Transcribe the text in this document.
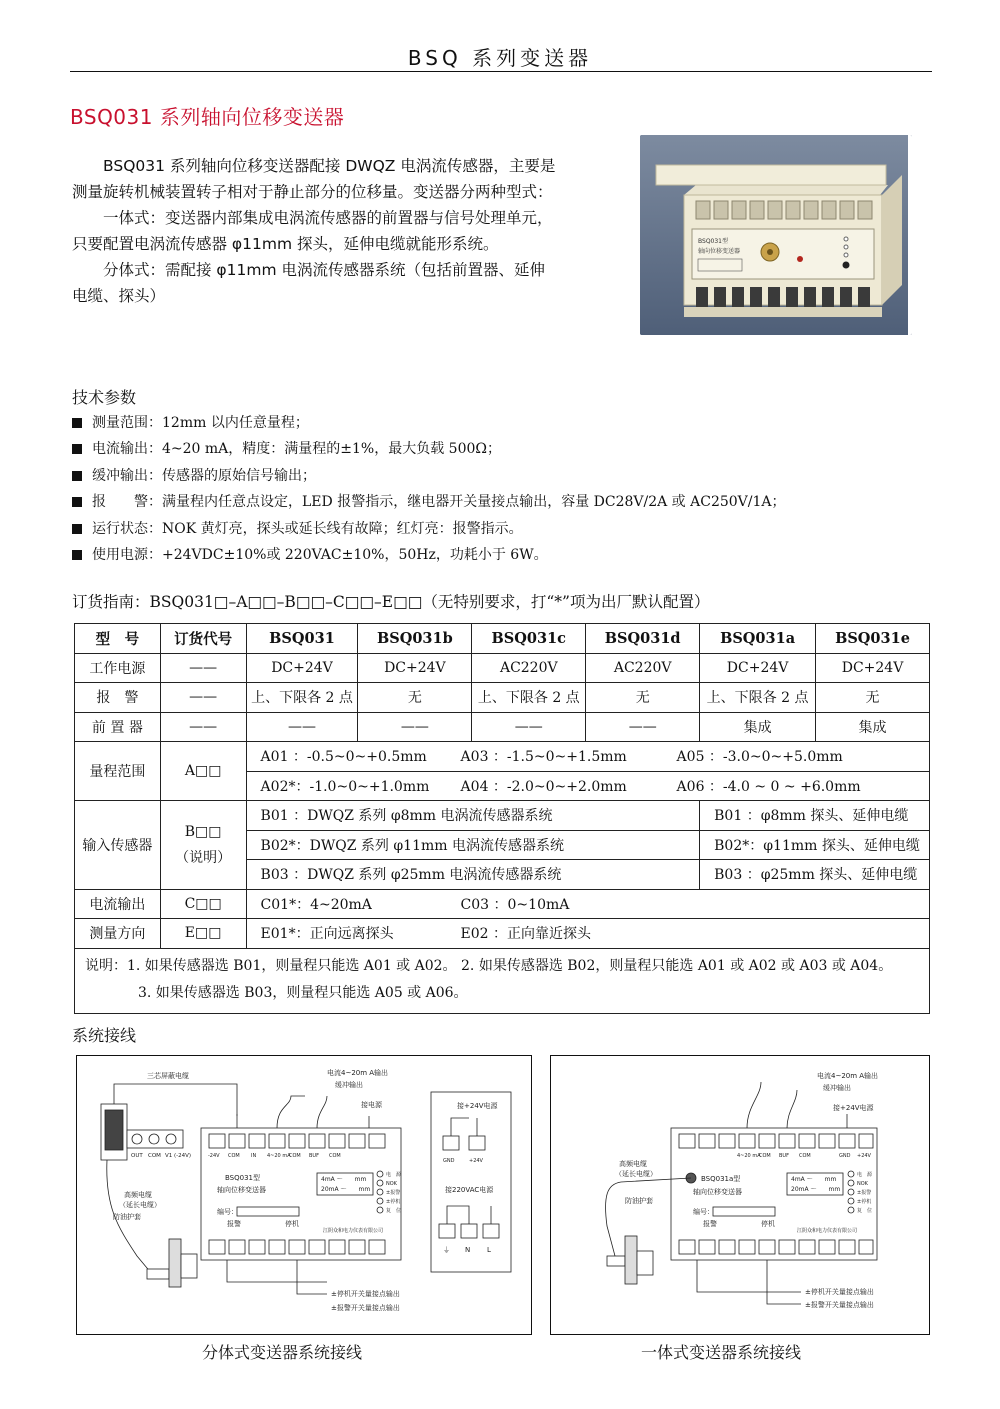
BSQ 系列变送器
BSQ031 系列轴向位移变送器

BSQ031 系列轴向位移变送器配接 DWQZ 电涡流传感器，主要是测量旋转机械装置转子相对于静止部分的位移量。变送器分两种型式：

一体式：变送器内部集成电涡流传感器的前置器与信号处理单元，只要配置电涡流传感器 φ11mm 探头，延伸电缆就能形系统。

分体式：需配接 φ11mm 电涡流传感器系统（包括前置器、延伸电缆、探头）

BSQ031型
轴向位移变送器
技术参数
测量范围：12mm 以内任意量程；
电流输出：4~20 mA，精度：满量程的±1%，最大负载 500Ω；
缓冲输出：传感器的原始信号输出；
报　　警：满量程内任意点设定，LED 报警指示，继电器开关量接点输出，容量 DC28V/2A 或 AC250V/1A；
运行状态：NOK 黄灯亮，探头或延长线有故障；红灯亮：报警指示。
使用电源：+24VDC±10%或 220VAC±10%，50Hz，功耗小于 6W。
订货指南：BSQ031□–A□□–B□□–C□□–E□□（无特别要求，打“*”项为出厂默认配置）
型　号	订货代号	BSQ031	BSQ031b	BSQ031c	BSQ031d	BSQ031a	BSQ031e
工作电源	——	DC+24V	DC+24V	AC220V	AC220V	DC+24V	DC+24V
报　警	——	上、下限各 2 点	无	上、下限各 2 点	无	上、下限各 2 点	无
前 置 器	——	——	——	——	——	集成	集成
量程范围	A□□	A01 ：-0.5~0~+0.5mm A03 ：-1.5~0~+1.5mm A05 ：-3.0~0~+5.0mm					

		A02*：-1.0~0~+1.0mm A04 ：-2.0~0~+2.0mm A06 ：-4.0 ~ 0 ~ +6.0mm					

输入传感器	B□□
（说明）	B01 ：DWQZ 系列 φ8mm 电涡流传感器系统				B01 ：φ8mm 探头、延伸电缆	
		B02*：DWQZ 系列 φ11mm 电涡流传感器系统				B02*：φ11mm 探头、延伸电缆	
		B03 ：DWQZ 系列 φ25mm 电涡流传感器系统				B03 ：φ25mm 探头、延伸电缆	
电流输出	C□□	C01*：4~20mA C03 ：0~10mA					

测量方向	E□□	E01*：正向远离探头 E02 ：正向靠近探头					

说明：1. 如果传感器选 B01，则量程只能选 A01 或 A02。 2. 如果传感器选 B02，则量程只能选 A01 或 A02 或 A03 或 A04。
3. 如果传感器选 B03，则量程只能选 A05 或 A06。							
系统接线
OUT COM V1 (-24V)
三芯屏蔽电缆
高频电缆
（延长电缆）
防油护套
-24V COM IN 4~20 mA
COM BUF COM
BSQ031型
轴向位移变送器
编号：
报警	停机
江阴众和电力仪表有限公司
4mA ～　　mm
20mA ～　　mm
电　源
NOK
±报警
±停机
复　位
电流4~20m A输出
缓冲输出
接电源
±停机开关量接点输出
±报警开关量接点输出
接+24V电源
GND	+24V
接220VAC电源
⏚ N L
4~20 mA
COM BUF COM	GND +24V
BSQ031a型
轴向位移变送器
编号：
报警	停机
江阴众和电力仪表有限公司
4mA ～　　mm
20mA ～　　mm
电　源
NOK
±报警
±停机
复　位
电流4~20m A输出
缓冲输出
接+24V电源
高频电缆
（延长电缆）
防油护套
±停机开关量接点输出
±报警开关量接点输出
分体式变送器系统接线	一体式变送器系统接线
